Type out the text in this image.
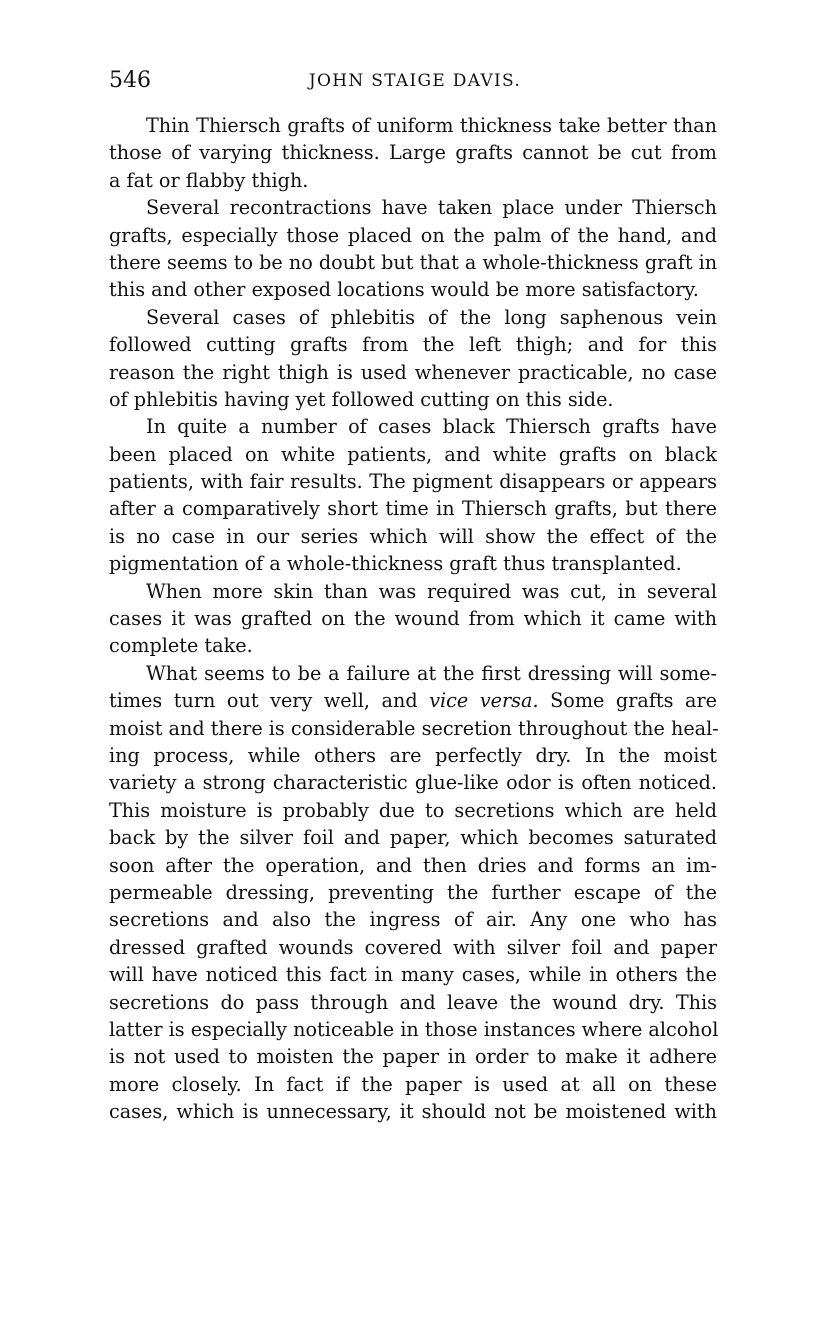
546	JOHN STAIGE DAVIS.
Thin Thiersch grafts of uniform thickness take better than
those of varying thickness. Large grafts cannot be cut from
a fat or flabby thigh.
Several recontractions have taken place under Thiersch
grafts, especially those placed on the palm of the hand, and
there seems to be no doubt but that a whole-thickness graft in
this and other exposed locations would be more satisfactory.
Several cases of phlebitis of the long saphenous vein
followed cutting grafts from the left thigh; and for this
reason the right thigh is used whenever practicable, no case
of phlebitis having yet followed cutting on this side.
In quite a number of cases black Thiersch grafts have
been placed on white patients, and white grafts on black
patients, with fair results. The pigment disappears or appears
after a comparatively short time in Thiersch grafts, but there
is no case in our series which will show the effect of the
pigmentation of a whole-thickness graft thus transplanted.
When more skin than was required was cut, in several
cases it was grafted on the wound from which it came with
complete take.
What seems to be a failure at the first dressing will some-
times turn out very well, and vice versa. Some grafts are
moist and there is considerable secretion throughout the heal-
ing process, while others are perfectly dry. In the moist
variety a strong characteristic glue-like odor is often noticed.
This moisture is probably due to secretions which are held
back by the silver foil and paper, which becomes saturated
soon after the operation, and then dries and forms an im-
permeable dressing, preventing the further escape of the
secretions and also the ingress of air. Any one who has
dressed grafted wounds covered with silver foil and paper
will have noticed this fact in many cases, while in others the
secretions do pass through and leave the wound dry. This
latter is especially noticeable in those instances where alcohol
is not used to moisten the paper in order to make it adhere
more closely. In fact if the paper is used at all on these
cases, which is unnecessary, it should not be moistened with
